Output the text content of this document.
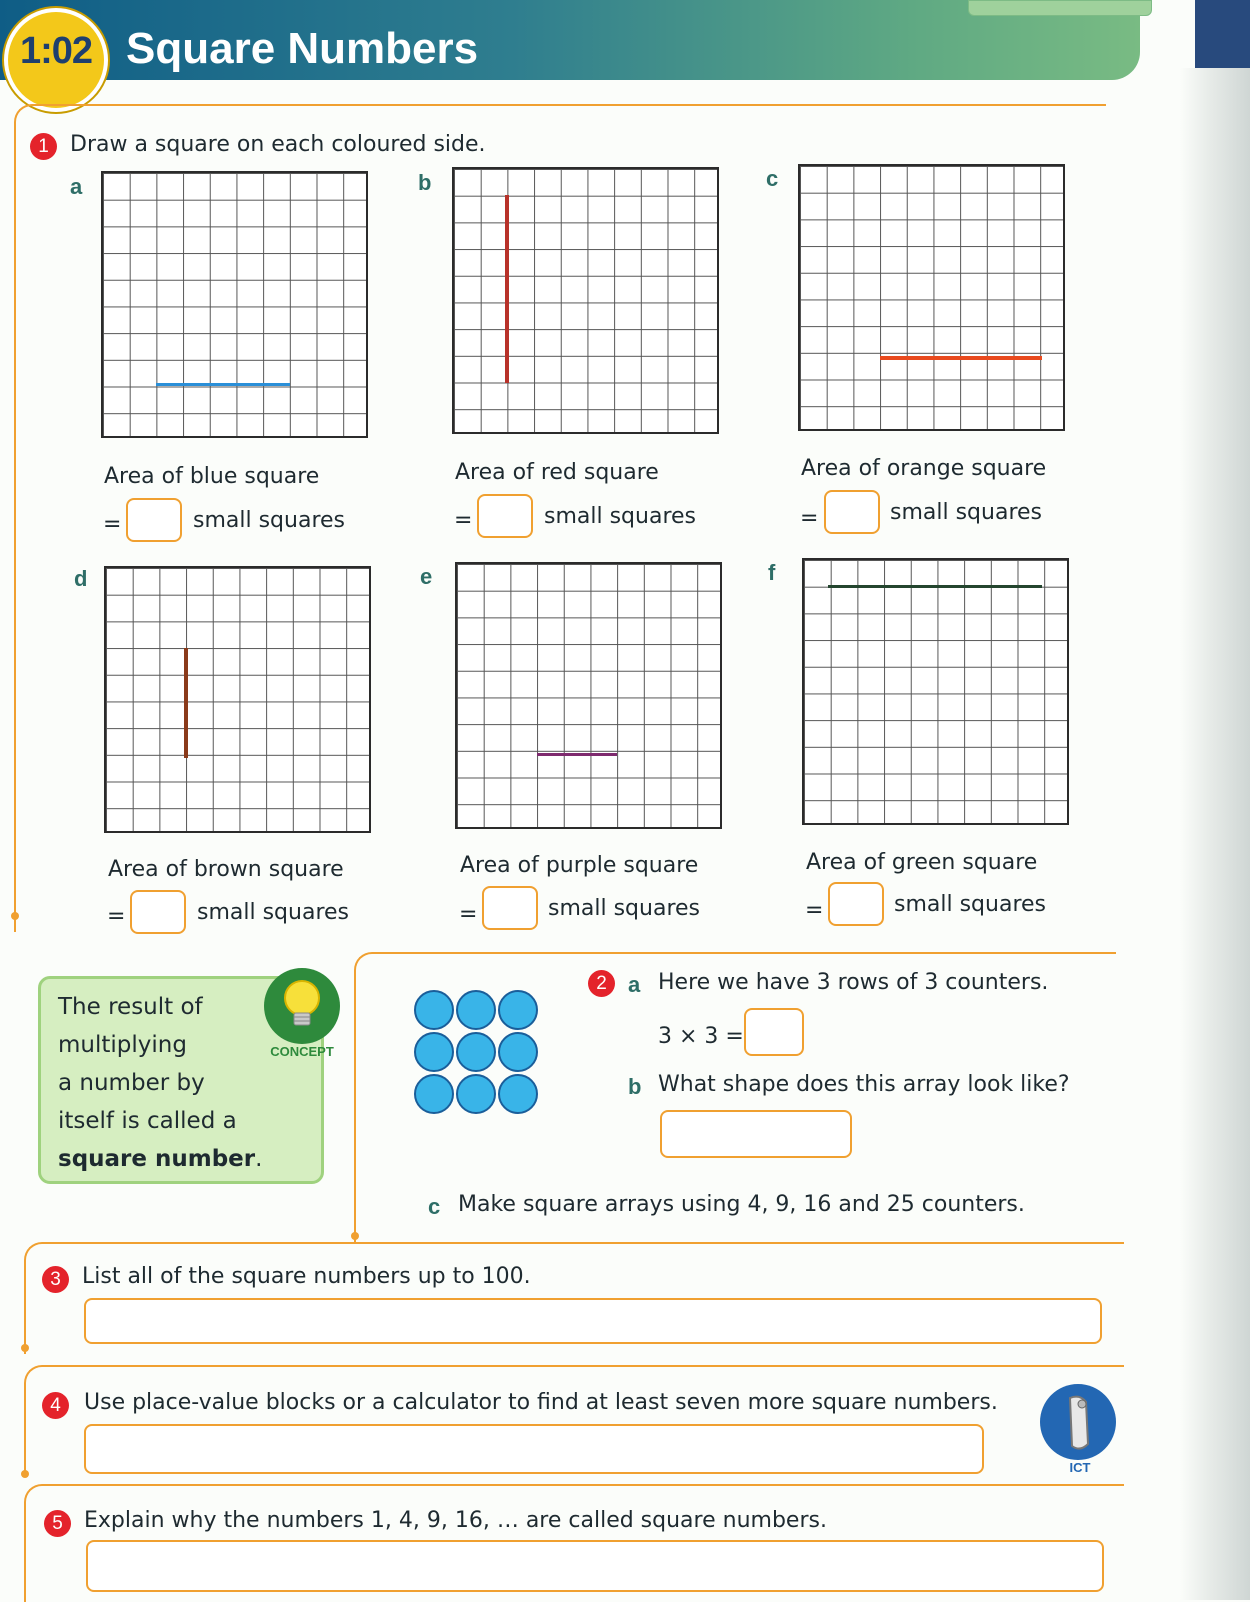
1:02 Square Numbers
1 Draw a square on each coloured side.
a
Area of blue square
=	small squares
b
Area of red square
=	small squares
c
Area of orange square
=	small squares
d
Area of brown square
=	small squares
e
Area of purple square
=	small squares
f
Area of green square
=	small squares
The result of
multiplying
a number by
itself is called a
square number.
CONCEPT
2 a Here we have 3 rows of 3 counters.
3 × 3 =
b What shape does this array look like?
c Make square arrays using 4, 9, 16 and 25 counters.
3 List all of the square numbers up to 100.
4	Use place-value blocks or a calculator to find at least seven more square numbers.
ICT
5 Explain why the numbers 1, 4, 9, 16, … are called square numbers.
